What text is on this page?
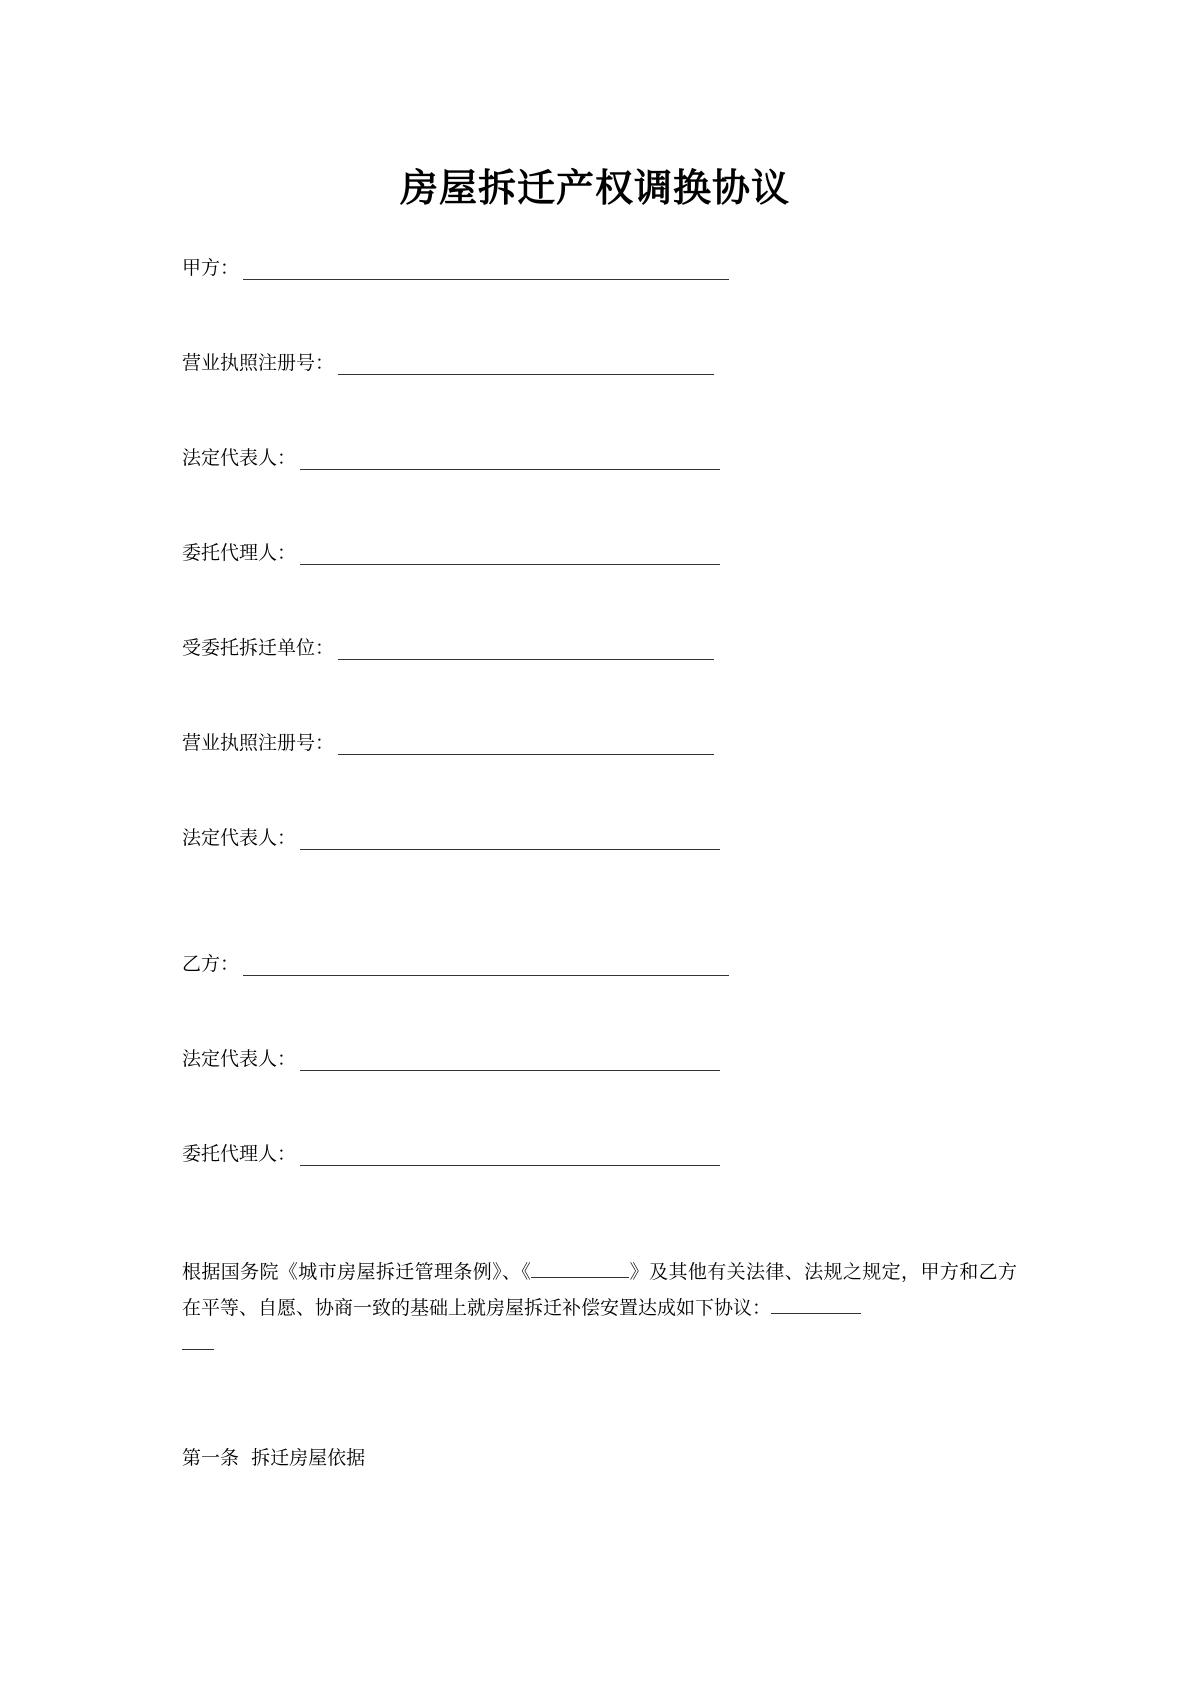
房屋拆迁产权调换协议
甲方：
营业执照注册号：
法定代表人：
委托代理人：
受委托拆迁单位：
营业执照注册号：
法定代表人：
乙方：
法定代表人：
委托代理人：
根据国务院《城市房屋拆迁管理条例》、《	》及其他有关法律、法规之规定，甲方和乙方在平等、自愿、协商一致的基础上就房屋拆迁补偿安置达成如下协议：

第一条  拆迁房屋依据
